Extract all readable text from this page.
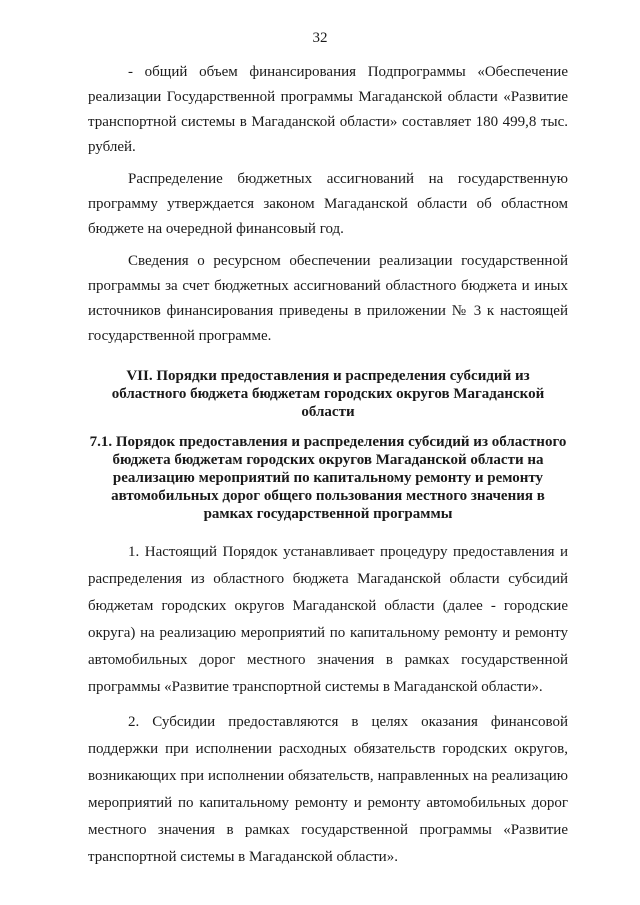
32

- общий объем финансирования Подпрограммы «Обеспечение реализации Государственной программы Магаданской области «Развитие транспортной системы в Магаданской области» составляет 180 499,8 тыс. рублей.

Распределение бюджетных ассигнований на государственную программу утверждается законом Магаданской области об областном бюджете на очередной финансовый год.

Сведения о ресурсном обеспечении реализации государственной программы за счет бюджетных ассигнований областного бюджета и иных источников финансирования приведены в приложении № 3 к настоящей государственной программе.

VII. Порядки предоставления и распределения субсидий из областного бюджета бюджетам городских округов Магаданской области
7.1. Порядок предоставления и распределения субсидий из областного бюджета бюджетам городских округов Магаданской области на реализацию мероприятий по капитальному ремонту и ремонту автомобильных дорог общего пользования местного значения в рамках государственной программы

1. Настоящий Порядок устанавливает процедуру предоставления и распределения из областного бюджета Магаданской области субсидий бюджетам городских округов Магаданской области (далее - городские округа) на реализацию мероприятий по капитальному ремонту и ремонту автомобильных дорог местного значения в рамках государственной программы «Развитие транспортной системы в Магаданской области».

2. Субсидии предоставляются в целях оказания финансовой поддержки при исполнении расходных обязательств городских округов, возникающих при исполнении обязательств, направленных на реализацию мероприятий по капитальному ремонту и ремонту автомобильных дорог местного значения в рамках государственной программы «Развитие транспортной системы в Магаданской области».
